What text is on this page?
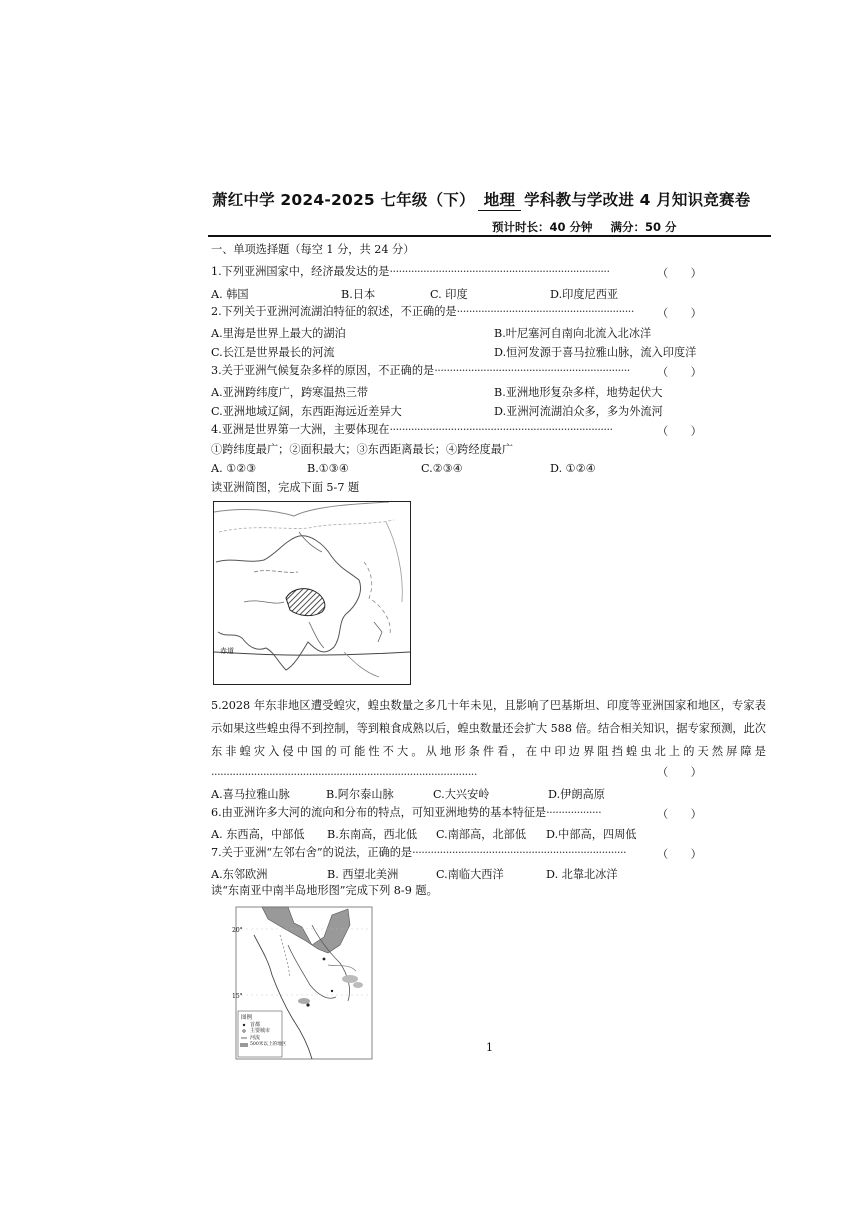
萧红中学 2024-2025 七年级（下） 地理 学科教与学改进 4 月知识竞赛卷
预计时长：40 分钟 满分：50 分
一、单项选择题（每空 1 分，共 24 分）
1.下列亚洲国家中，经济最发达的是········································································	（　　）
A. 韩国	B.日本	C. 印度	D.印度尼西亚
2.下列关于亚洲河流湖泊特征的叙述，不正确的是·························································· （　　）
A.里海是世界上最大的湖泊	B.叶尼塞河自南向北流入北冰洋
C.长江是世界最长的河流	D.恒河发源于喜马拉雅山脉，流入印度洋
3.关于亚洲气候复杂多样的原因，不正确的是································································ （　　）
A.亚洲跨纬度广，跨寒温热三带	B.亚洲地形复杂多样，地势起伏大
C.亚洲地域辽阔，东西距海远近差异大	D.亚洲河流湖泊众多，多为外流河
4.亚洲是世界第一大洲，主要体现在·········································································	（　　）
①跨纬度最广；②面积最大；③东西距离最长；④跨经度最广
A. ①②③	B.①③④	C.②③④	D. ①②④
读亚洲简图，完成下面 5-7 题
赤道
5.2028 年东非地区遭受蝗灾，蝗虫数量之多几十年未见，且影响了巴基斯坦、印度等亚洲国家和地区，专家表示如果这些蝗虫得不到控制，等到粮食成熟以后，蝗虫数量还会扩大 588 倍。结合相关知识，据专家预测，此次东非蝗灾入侵中国的可能性不大。从地形条件看，在中印边界阻挡蝗虫北上的天然屏障是·······················································································	（　　）
A.喜马拉雅山脉	B.阿尔泰山脉	C.大兴安岭	D.伊朗高原
6.由亚洲许多大河的流向和分布的特点，可知亚洲地势的基本特征是··················	（　　）
A. 东西高，中部低 B.东南高，西北低 C.南部高，北部低 D.中部高，四周低
7.关于亚洲“左邻右舍”的说法，正确的是······································································	（　　）
A.东邻欧洲	B. 西望北美洲	C.南临大西洋	D. 北靠北冰洋
读“东南亚中南半岛地形图”完成下列 8-9 题。
20°
15°
图例
首都
主要城市
河流
500米以上的地区	1
